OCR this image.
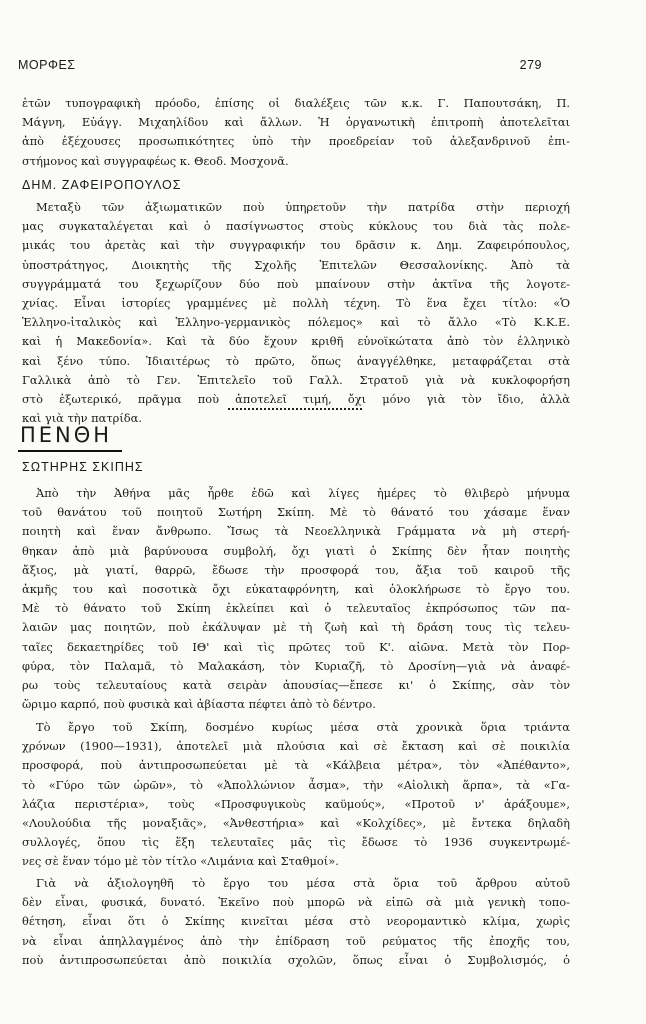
ΜΟΡΦΕΣ	279
ἐτῶν τυπογραφικὴ πρόοδο, ἐπίσης οἱ διαλέξεις τῶν κ.κ. Γ. Παπουτσάκη, Π.
Μάγνη, Εὐάγγ. Μιχαηλίδου καὶ ἄλλων. Ἡ ὀργανωτικὴ ἐπιτροπὴ ἀποτελεῖται
ἀπὸ ἐξέχουσες προσωπικότητες ὑπὸ τὴν προεδρείαν τοῦ ἀλεξανδρινοῦ ἐπι-
στήμονος καὶ συγγραφέως κ. Θεοδ. Μοσχονᾶ.
ΔΗΜ. ΖΑΦΕΙΡΟΠΟΥΛΟΣ
Μεταξὺ τῶν ἀξιωματικῶν ποὺ ὑπηρετοῦν τὴν πατρίδα στὴν περιοχή
μας συγκαταλέγεται καὶ ὁ πασίγνωστος στοὺς κύκλους του διὰ τὰς πολε-
μικάς του ἀρετὰς καὶ τὴν συγγραφικήν του δρᾶσιν κ. Δημ. Ζαφειρόπουλος,
ὑποστράτηγος, Διοικητὴς τῆς Σχολῆς Ἐπιτελῶν Θεσσαλονίκης. Ἀπὸ τὰ
συγγράμματά του ξεχωρίζουν δύο ποὺ μπαίνουν στὴν ἀκτῖνα τῆς λογοτε-
χνίας. Εἶναι ἱστορίες γραμμένες μὲ πολλὴ τέχνη. Τὸ ἕνα ἔχει τίτλο: «Ὁ
Ἑλληνο-ἰταλικὸς καὶ Ἑλληνο-γερμανικὸς πόλεμος» καὶ τὸ ἄλλο «Τὸ Κ.Κ.Ε.
καὶ ἡ Μακεδονία». Καὶ τὰ δύο ἔχουν κριθῆ εὐνοϊκώτατα ἀπὸ τὸν ἑλληνικὸ
καὶ ξένο τύπο. Ἰδιαιτέρως τὸ πρῶτο, ὅπως ἀναγγέλθηκε, μεταφράζεται στὰ
Γαλλικὰ ἀπὸ τὸ Γεν. Ἐπιτελεῖο τοῦ Γαλλ. Στρατοῦ γιὰ νὰ κυκλοφορήση
στὸ ἐξωτερικό, πρᾶγμα ποὺ ἀποτελεῖ τιμή, ὄχι μόνο γιὰ τὸν ἴδιο, ἀλλὰ
καὶ γιὰ τὴν πατρίδα.
ΠΕΝΘΗ
ΣΩΤΗΡΗΣ ΣΚΙΠΗΣ
Ἀπὸ τὴν Ἀθήνα μᾶς ἦρθε ἐδῶ καὶ λίγες ἡμέρες τὸ θλιβερὸ μήνυμα
τοῦ θανάτου τοῦ ποιητοῦ Σωτήρη Σκίπη. Μὲ τὸ θάνατό του χάσαμε ἕναν
ποιητὴ καὶ ἕναν ἄνθρωπο. Ἴσως τὰ Νεοελληνικὰ Γράμματα νὰ μὴ στερή-
θηκαν ἀπὸ μιὰ βαρύνουσα συμβολή, ὄχι γιατὶ ὁ Σκίπης δὲν ἦταν ποιητὴς
ἄξιος, μὰ γιατί, θαρρῶ, ἔδωσε τὴν προσφορά του, ἄξια τοῦ καιροῦ τῆς
ἀκμῆς του καὶ ποσοτικὰ ὄχι εὐκαταφρόνητη, καὶ ὁλοκλήρωσε τὸ ἔργο του.
Μὲ τὸ θάνατο τοῦ Σκίπη ἐκλείπει καὶ ὁ τελευταῖος ἐκπρόσωπος τῶν πα-
λαιῶν μας ποιητῶν, ποὺ ἐκάλυψαν μὲ τὴ ζωὴ καὶ τὴ δράση τους τὶς τελευ-
ταῖες δεκαετηρίδες τοῦ ΙΘ' καὶ τὶς πρῶτες τοῦ Κ'. αἰῶνα. Μετὰ τὸν Πορ-
φύρα, τὸν Παλαμᾶ, τὸ Μαλακάση, τὸν Κυριαζῆ, τὸ Δροσίνη—γιὰ νὰ ἀναφέ-
ρω τοὺς τελευταίους κατὰ σειρὰν ἀπουσίας—ἔπεσε κι' ὁ Σκίπης, σὰν τὸν
ὥριμο καρπό, ποὺ φυσικὰ καὶ ἀβίαστα πέφτει ἀπὸ τὸ δέντρο.
Τὸ ἔργο τοῦ Σκίπη, δοσμένο κυρίως μέσα στὰ χρονικὰ ὅρια τριάντα
χρόνων (1900—1931), ἀποτελεῖ μιὰ πλούσια καὶ σὲ ἔκταση καὶ σὲ ποικιλία
προσφορά, ποὺ ἀντιπροσωπεύεται μὲ τὰ «Κάλβεια μέτρα», τὸν «Ἀπέθαντο»,
τὸ «Γύρο τῶν ὡρῶν», τὸ «Ἀπολλώνιον ἆσμα», τὴν «Αἰολικὴ ἅρπα», τὰ «Γα-
λάζια περιστέρια», τοὺς «Προσφυγικοὺς καϋμούς», «Προτοῦ ν' ἀράξουμε»,
«Λουλούδια τῆς μοναξιᾶς», «Ἀνθεστήρια» καὶ «Κολχίδες», μὲ ἔντεκα δηλαδὴ
συλλογές, ὅπου τὶς ἕξη τελευταῖες μᾶς τὶς ἔδωσε τὸ 1936 συγκεντρωμέ-
νες σὲ ἕναν τόμο μὲ τὸν τίτλο «Λιμάνια καὶ Σταθμοί».
Γιὰ νὰ ἀξιολογηθῆ τὸ ἔργο του μέσα στὰ ὅρια τοῦ ἄρθρου αὐτοῦ
δὲν εἶναι, φυσικά, δυνατό. Ἐκεῖνο ποὺ μπορῶ νὰ εἰπῶ σὰ μιὰ γενικὴ τοπο-
θέτηση, εἶναι ὅτι ὁ Σκίπης κινεῖται μέσα στὸ νεορομαντικὸ κλίμα, χωρὶς
νὰ εἶναι ἀπηλλαγμένος ἀπὸ τὴν ἐπίδραση τοῦ ρεύματος τῆς ἐποχῆς του,
ποὺ ἀντιπροσωπεύεται ἀπὸ ποικιλία σχολῶν, ὅπως εἶναι ὁ Συμβολισμός, ὁ
